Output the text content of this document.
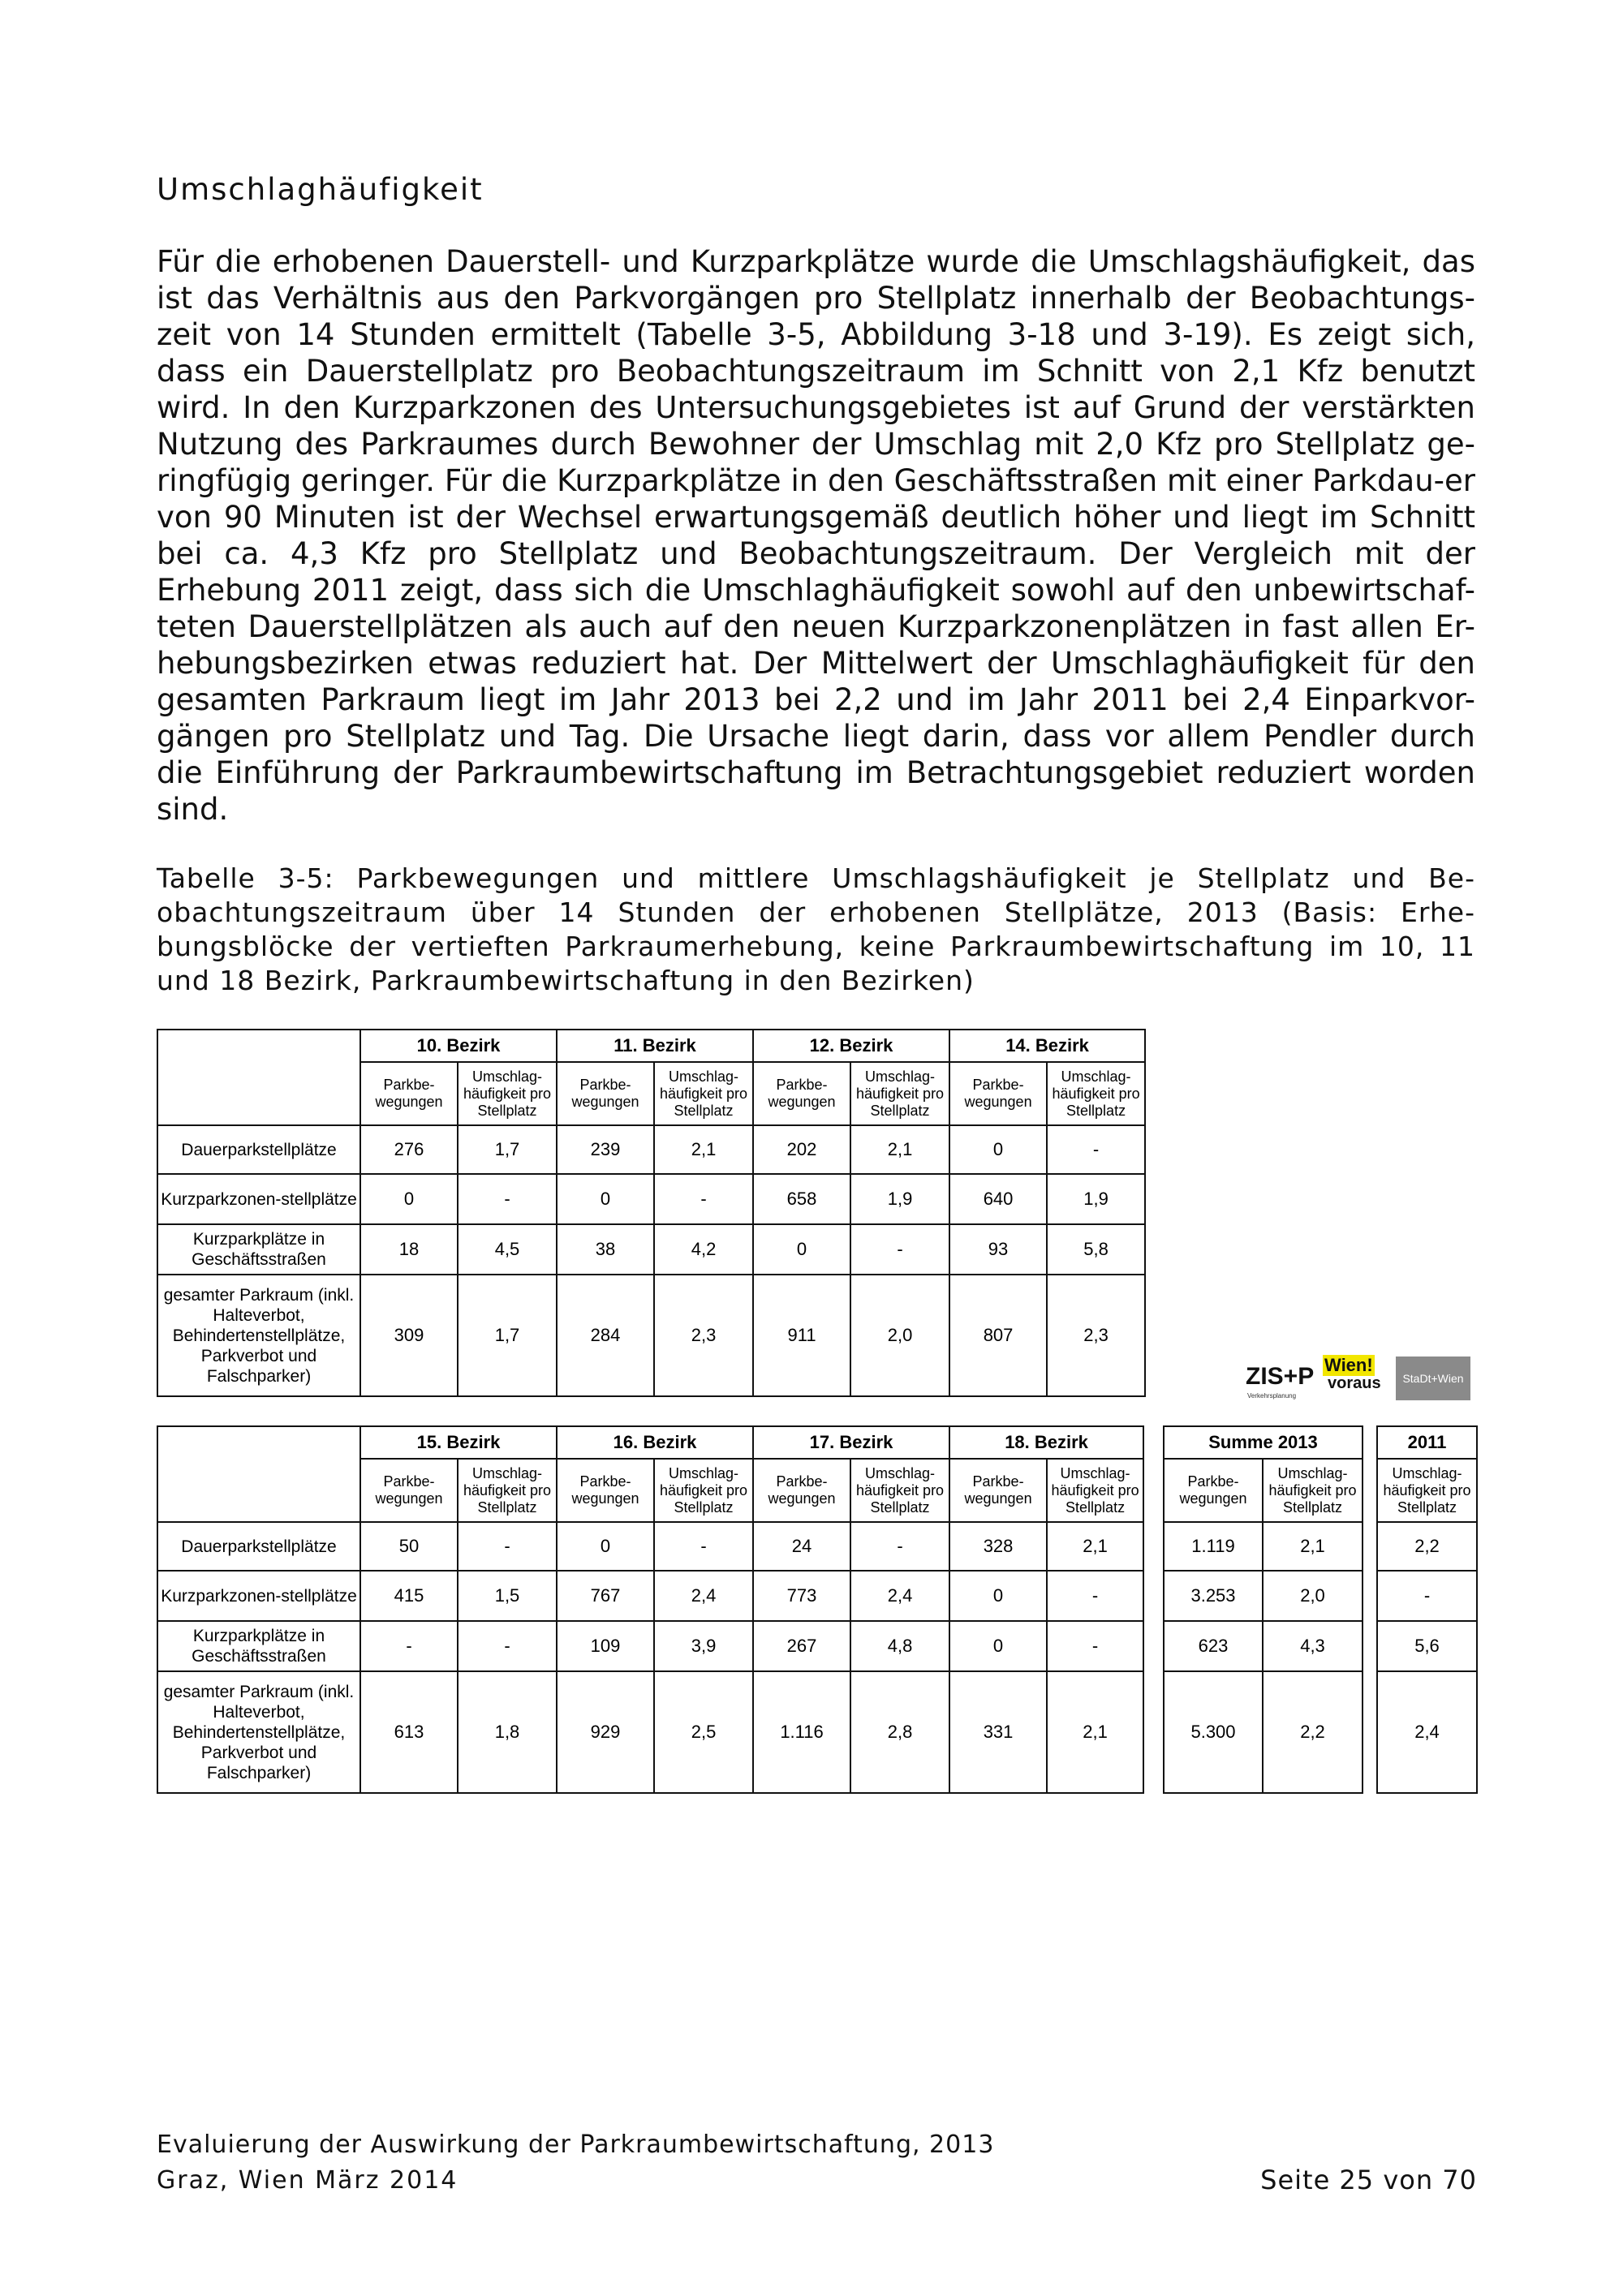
Umschlaghäufigkeit
Für die erhobenen Dauerstell- und Kurzparkplätze wurde die Umschlagshäufigkeit, das ist das Verhältnis aus den Parkvorgängen pro Stellplatz innerhalb der Beobachtungs-zeit von 14 Stunden ermittelt (Tabelle 3-5, Abbildung 3-18 und 3-19). Es zeigt sich, dass ein Dauerstellplatz pro Beobachtungszeitraum im Schnitt von 2,1 Kfz benutzt wird. In den Kurzparkzonen des Untersuchungsgebietes ist auf Grund der verstärkten Nutzung des Parkraumes durch Bewohner der Umschlag mit 2,0 Kfz pro Stellplatz ge-ringfügig geringer. Für die Kurzparkplätze in den Geschäftsstraßen mit einer Parkdau-er von 90 Minuten ist der Wechsel erwartungsgemäß deutlich höher und liegt im Schnitt bei ca. 4,3 Kfz pro Stellplatz und Beobachtungszeitraum. Der Vergleich mit der Erhebung 2011 zeigt, dass sich die Umschlaghäufigkeit sowohl auf den unbewirtschaf-teten Dauerstellplätzen als auch auf den neuen Kurzparkzonenplätzen in fast allen Er-hebungsbezirken etwas reduziert hat. Der Mittelwert der Umschlaghäufigkeit für den gesamten Parkraum liegt im Jahr 2013 bei 2,2 und im Jahr 2011 bei 2,4 Einparkvor-gängen pro Stellplatz und Tag. Die Ursache liegt darin, dass vor allem Pendler durch die Einführung der Parkraumbewirtschaftung im Betrachtungsgebiet reduziert worden sind.
Tabelle 3-5: Parkbewegungen und mittlere Umschlagshäufigkeit je Stellplatz und Be-obachtungszeitraum über 14 Stunden der erhobenen Stellplätze, 2013 (Basis: Erhe-bungsblöcke der vertieften Parkraumerhebung, keine Parkraumbewirtschaftung im 10, 11 und 18 Bezirk, Parkraumbewirtschaftung in den Bezirken)
	10. Bezirk		11. Bezirk		12. Bezirk		14. Bezirk	
	Parkbe-wegungen	Umschlag-häufigkeit pro Stellplatz	Parkbe-wegungen	Umschlag-häufigkeit pro Stellplatz	Parkbe-wegungen	Umschlag-häufigkeit pro Stellplatz	Parkbe-wegungen	Umschlag-häufigkeit pro Stellplatz
Dauerparkstellplätze	276	1,7	239	2,1	202	2,1	0	-
Kurzparkzonen-stellplätze	0	-	0	-	658	1,9	640	1,9
Kurzparkplätze in Geschäftsstraßen	18	4,5	38	4,2	0	-	93	5,8
gesamter Parkraum (inkl. Halteverbot, Behindertenstellplätze, Parkverbot und Falschparker)	309	1,7	284	2,3	911	2,0	807	2,3
ZIS+P
Verkehrsplanung
Wien!
voraus	StaDt+Wien
	15. Bezirk		16. Bezirk		17. Bezirk		18. Bezirk	
	Parkbe-wegungen	Umschlag-häufigkeit pro Stellplatz	Parkbe-wegungen	Umschlag-häufigkeit pro Stellplatz	Parkbe-wegungen	Umschlag-häufigkeit pro Stellplatz	Parkbe-wegungen	Umschlag-häufigkeit pro Stellplatz
Dauerparkstellplätze	50	-	0	-	24	-	328	2,1
Kurzparkzonen-stellplätze	415	1,5	767	2,4	773	2,4	0	-
Kurzparkplätze in Geschäftsstraßen	-	-	109	3,9	267	4,8	0	-
gesamter Parkraum (inkl. Halteverbot, Behindertenstellplätze, Parkverbot und Falschparker)	613	1,8	929	2,5	1.116	2,8	331	2,1
Summe 2013	
Parkbe-wegungen	Umschlag-häufigkeit pro Stellplatz
1.119	2,1
3.253	2,0
623	4,3
5.300	2,2
2011
Umschlag-häufigkeit pro Stellplatz
2,2
-
5,6
2,4
Evaluierung der Auswirkung der Parkraumbewirtschaftung, 2013
Graz, Wien März 2014	Seite 25 von 70
